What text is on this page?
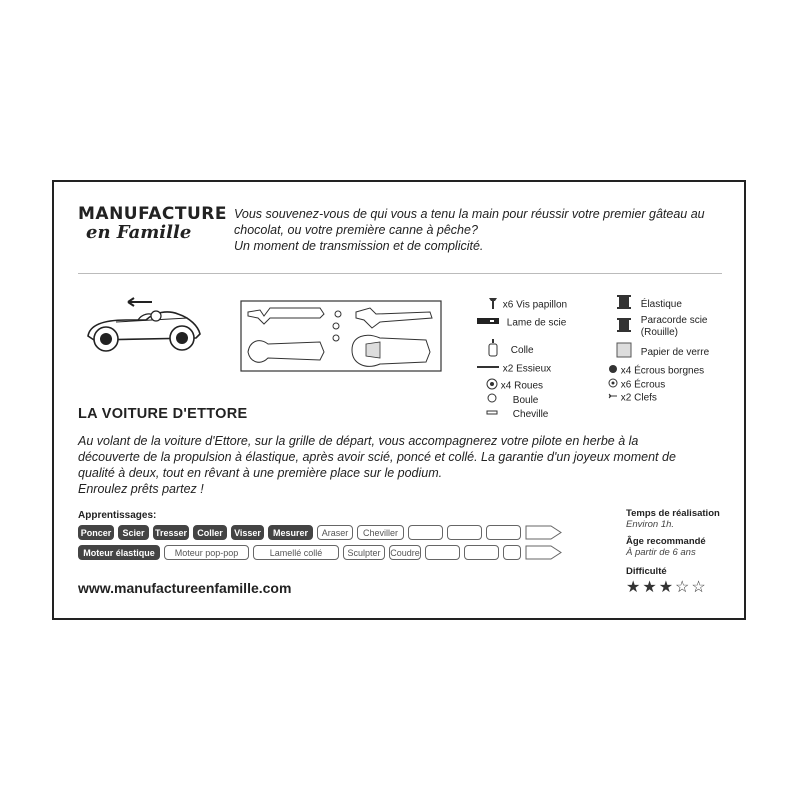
MANUFACTURE
en Famille

Vous souvenez-vous de qui vous a tenu la main pour réussir votre premier gâteau au

chocolat, ou votre première canne à pêche?

Un moment de transmission et de complicité.

x6 Vis papillon
Lame de scie
Colle
x2 Essieux
x4 Roues
Boule
Cheville
Élastique
Paracorde scie
(Rouille)
Papier de verre
x4 Écrous borgnes
x6 Écrous
x2 Clefs
LA VOITURE D'ETTORE
Au volant de la voiture d'Ettore, sur la grille de départ, vous accompagnerez votre pilote en herbe à la
découverte de la propulsion à élastique, après avoir scié, poncé et collé. La garantie d'un joyeux moment de
qualité à deux, tout en rêvant à une première place sur le podium.
Enroulez prêts partez !
Apprentissages:
Poncer	Scier	Tresser	Coller	Visser	Mesurer	Araser	Cheviller
Moteur élastique	Moteur pop-pop	Lamellé collé	Sculpter	Coudre
www.manufactureenfamille.com
Temps de réalisation
Environ 1h.
Âge recommandé
À partir de 6 ans
Difficulté
★★★☆☆
